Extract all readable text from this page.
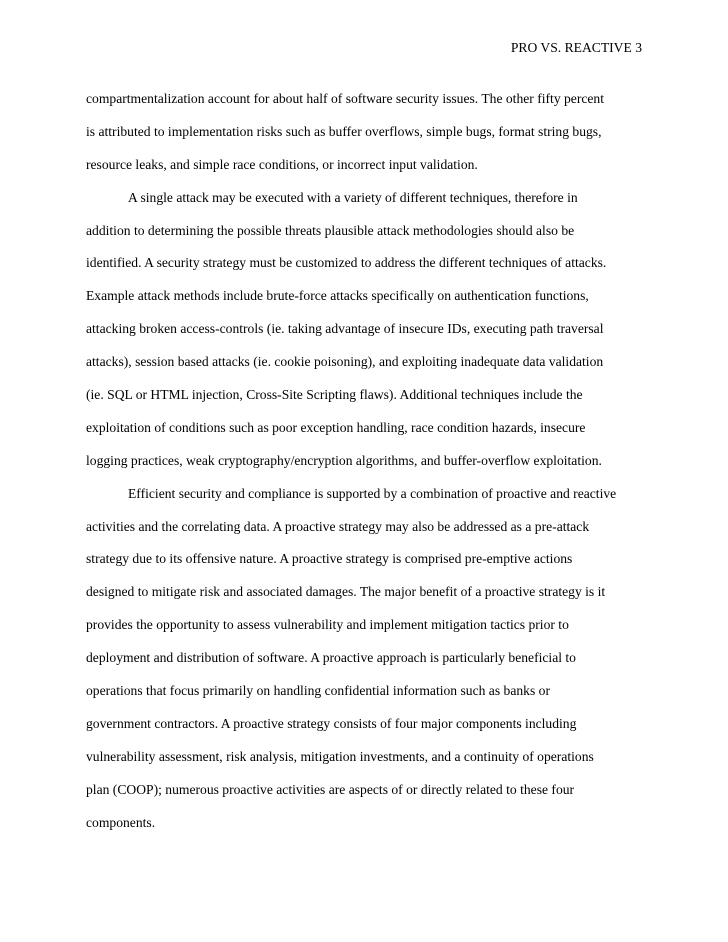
PRO VS. REACTIVE 3
compartmentalization account for about half of software security issues. The other fifty percent
is attributed to implementation risks such as buffer overflows, simple bugs, format string bugs,
resource leaks, and simple race conditions, or incorrect input validation.
A single attack may be executed with a variety of different techniques, therefore in
addition to determining the possible threats plausible attack methodologies should also be
identified. A security strategy must be customized to address the different techniques of attacks.
Example attack methods include brute-force attacks specifically on authentication functions,
attacking broken access-controls (ie. taking advantage of insecure IDs, executing path traversal
attacks), session based attacks (ie. cookie poisoning), and exploiting inadequate data validation
(ie. SQL or HTML injection, Cross-Site Scripting flaws). Additional techniques include the
exploitation of conditions such as poor exception handling, race condition hazards, insecure
logging practices, weak cryptography/encryption algorithms, and buffer-overflow exploitation.
Efficient security and compliance is supported by a combination of proactive and reactive
activities and the correlating data. A proactive strategy may also be addressed as a pre-attack
strategy due to its offensive nature. A proactive strategy is comprised pre-emptive actions
designed to mitigate risk and associated damages. The major benefit of a proactive strategy is it
provides the opportunity to assess vulnerability and implement mitigation tactics prior to
deployment and distribution of software. A proactive approach is particularly beneficial to
operations that focus primarily on handling confidential information such as banks or
government contractors. A proactive strategy consists of four major components including
vulnerability assessment, risk analysis, mitigation investments, and a continuity of operations
plan (COOP); numerous proactive activities are aspects of or directly related to these four
components.
